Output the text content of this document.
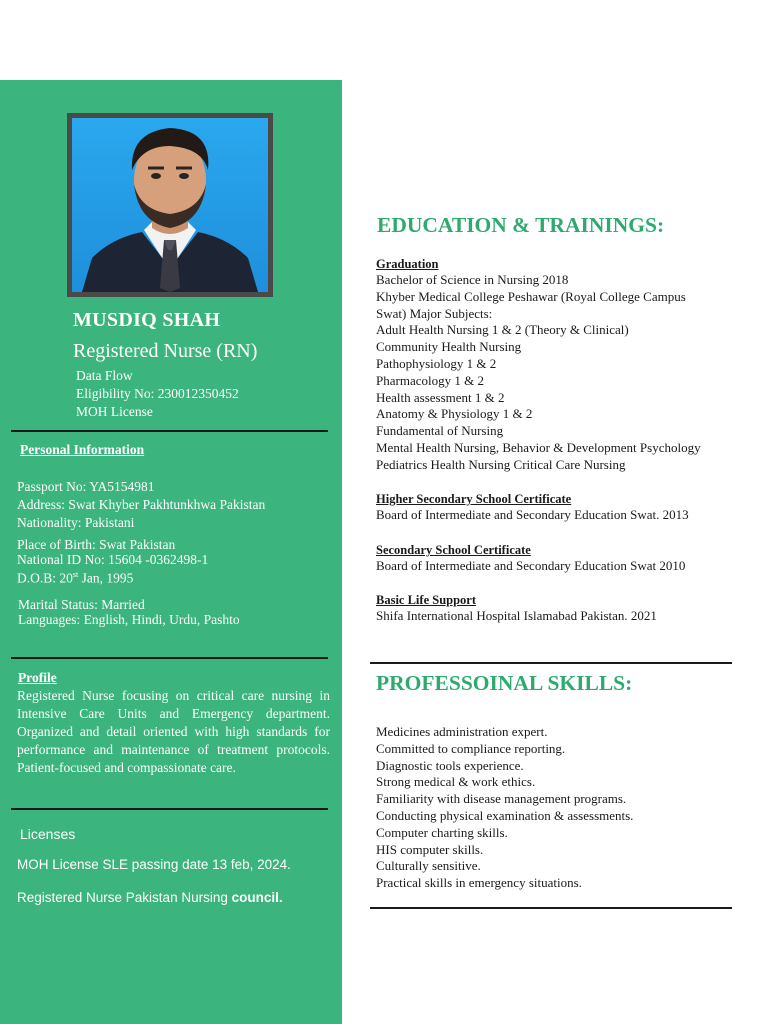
MUSDIQ SHAH
Registered Nurse (RN)
Data Flow
Eligibility No: 230012350452
MOH License
Personal Information
Passport No: YA5154981
Address: Swat Khyber Pakhtunkhwa Pakistan
Nationality: Pakistani
Place of Birth: Swat Pakistan
National ID No: 15604 -0362498-1
D.O.B: 20st Jan, 1995
Marital Status: Married
Languages: English, Hindi, Urdu, Pashto
Profile
Registered Nurse focusing on critical care nursing in Intensive Care Units and Emergency department. Organized and detail oriented with high standards for performance and maintenance of treatment protocols. Patient-focused and compassionate care.
Licenses
MOH License SLE passing date 13 feb, 2024.
Registered Nurse Pakistan Nursing council.
EDUCATION & TRAININGS:
Graduation
Bachelor of Science in Nursing 2018
Khyber Medical College Peshawar (Royal College Campus
Swat) Major Subjects:
Adult Health Nursing 1 & 2 (Theory & Clinical)
Community Health Nursing
Pathophysiology 1 & 2
Pharmacology 1 & 2
Health assessment 1 & 2
Anatomy & Physiology 1 & 2
Fundamental of Nursing
Mental Health Nursing, Behavior & Development Psychology
Pediatrics Health Nursing Critical Care Nursing
Higher Secondary School Certificate
Board of Intermediate and Secondary Education Swat. 2013
Secondary School Certificate
Board of Intermediate and Secondary Education Swat 2010
Basic Life Support
Shifa International Hospital Islamabad Pakistan. 2021
PROFESSOINAL SKILLS:
Medicines administration expert.
Committed to compliance reporting.
Diagnostic tools experience.
Strong medical & work ethics.
Familiarity with disease management programs.
Conducting physical examination & assessments.
Computer charting skills.
HIS computer skills.
Culturally sensitive.
Practical skills in emergency situations.
